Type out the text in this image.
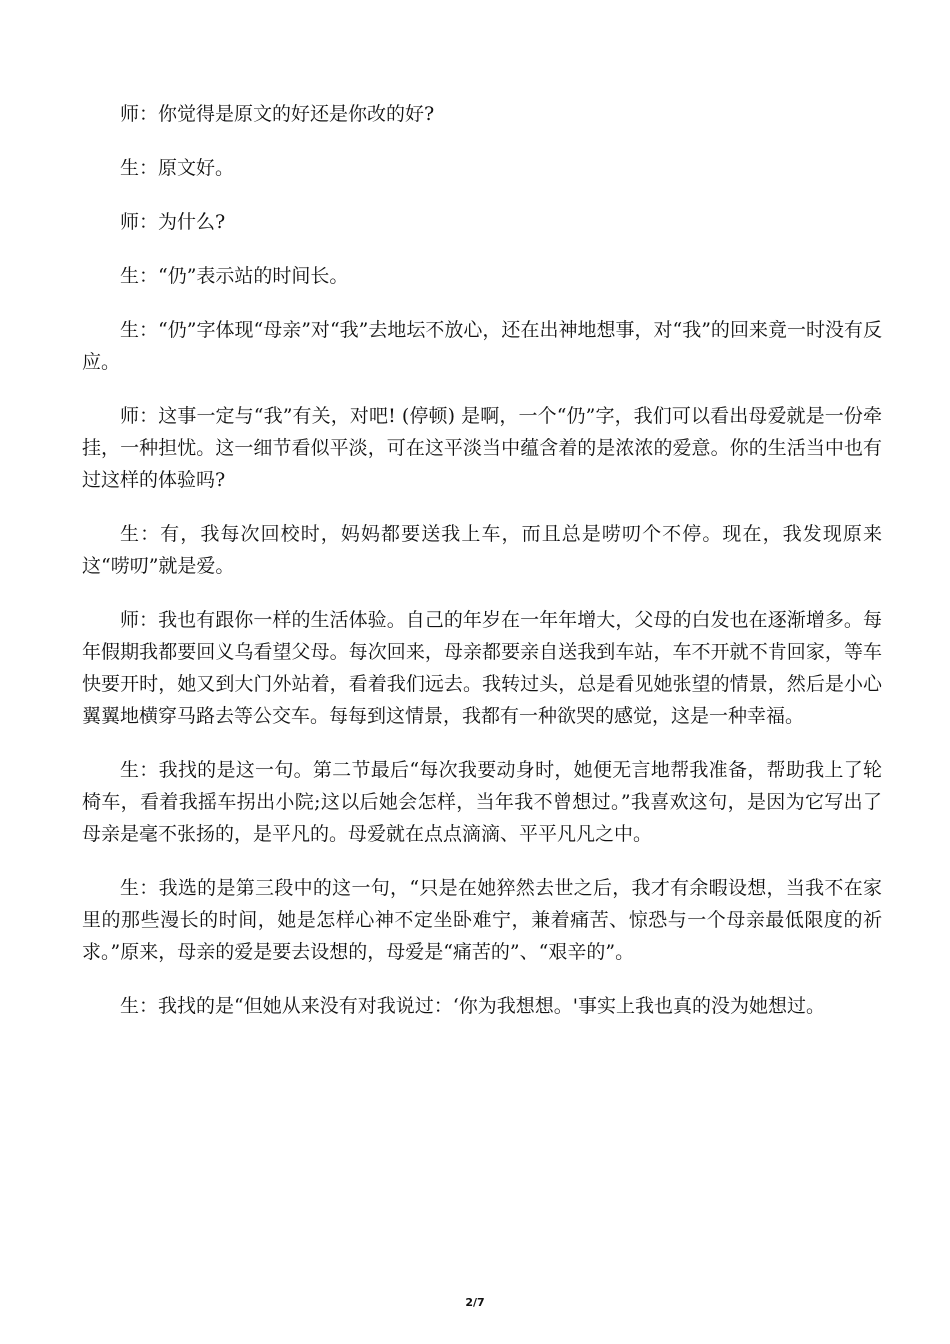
师：你觉得是原文的好还是你改的好?

生：原文好。

师：为什么?

生：“仍”表示站的时间长。

生：“仍”字体现“母亲”对“我”去地坛不放心，还在出神地想事，对“我”的回来竟一时没有反应。

师：这事一定与“我”有关，对吧! (停顿) 是啊，一个“仍”字，我们可以看出母爱就是一份牵挂，一种担忧。这一细节看似平淡，可在这平淡当中蕴含着的是浓浓的爱意。你的生活当中也有过这样的体验吗?

生：有，我每次回校时，妈妈都要送我上车，而且总是唠叨个不停。现在，我发现原来这“唠叨”就是爱。

师：我也有跟你一样的生活体验。自己的年岁在一年年增大，父母的白发也在逐渐增多。每年假期我都要回义乌看望父母。每次回来，母亲都要亲自送我到车站，车不开就不肯回家，等车快要开时，她又到大门外站着，看着我们远去。我转过头，总是看见她张望的情景，然后是小心翼翼地横穿马路去等公交车。每每到这情景，我都有一种欲哭的感觉，这是一种幸福。

生：我找的是这一句。第二节最后“每次我要动身时，她便无言地帮我准备，帮助我上了轮椅车，看着我摇车拐出小院;这以后她会怎样，当年我不曾想过。”我喜欢这句，是因为它写出了母亲是毫不张扬的，是平凡的。母爱就在点点滴滴、平平凡凡之中。

生：我选的是第三段中的这一句，“只是在她猝然去世之后，我才有余暇设想，当我不在家里的那些漫长的时间，她是怎样心神不定坐卧难宁，兼着痛苦、惊恐与一个母亲最低限度的祈求。”原来，母亲的爱是要去设想的，母爱是“痛苦的”、“艰辛的”。

生：我找的是“但她从来没有对我说过：‘你为我想想。'事实上我也真的没为她想过。

2/7
